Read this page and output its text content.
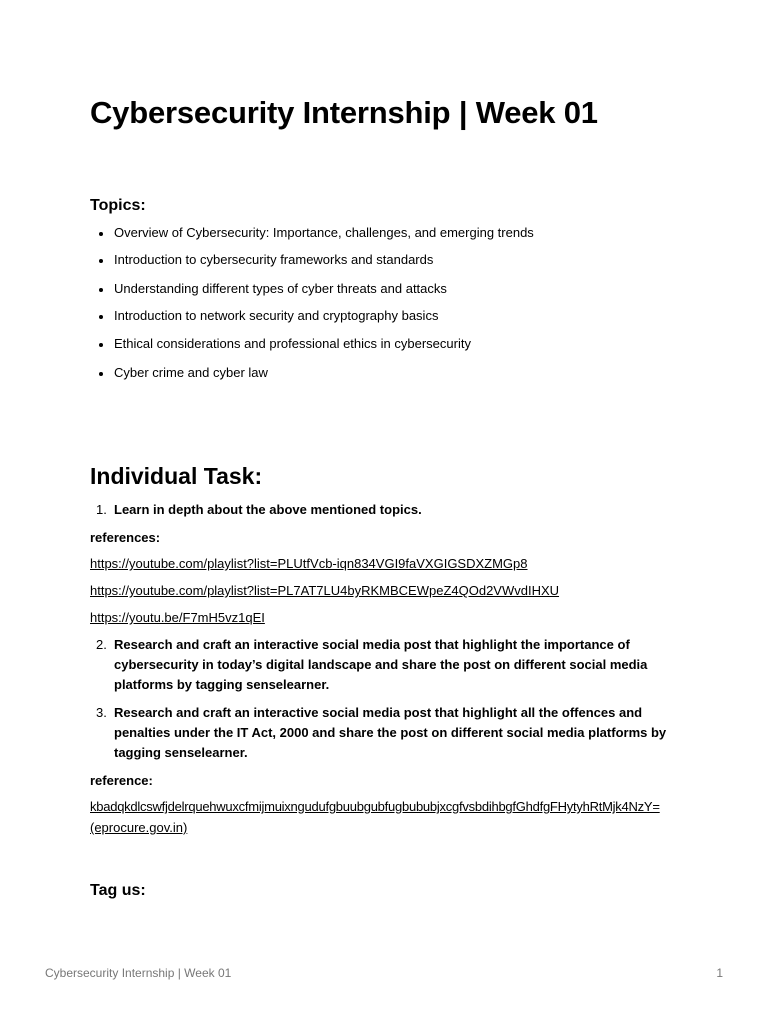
Cybersecurity Internship | Week 01
Topics:
Overview of Cybersecurity: Importance, challenges, and emerging trends
Introduction to cybersecurity frameworks and standards
Understanding different types of cyber threats and attacks
Introduction to network security and cryptography basics
Ethical considerations and professional ethics in cybersecurity
Cyber crime and cyber law
Individual Task:
1. Learn in depth about the above mentioned topics.

references:

https://youtube.com/playlist?list=PLUtfVcb-iqn834VGI9faVXGIGSDXZMGp8
https://youtube.com/playlist?list=PL7AT7LU4byRKMBCEWpeZ4QOd2VWvdIHXU
https://youtu.be/F7mH5vz1qEI
2. Research and craft an interactive social media post that highlight the importance of cybersecurity in today’s digital landscape and share the post on different social media platforms by tagging senselearner.
3. Research and craft an interactive social media post that highlight all the offences and penalties under the IT Act, 2000 and share the post on different social media platforms by tagging senselearner.

reference:

kbadqkdlcswfjdelrquehwuxcfmijmuixngudufgbuubgubfugbububjxcgfvsbdihbgfGhdfgFHytyhRtMjk4NzY=
(eprocure.gov.in)
Tag us:
Cybersecurity Internship | Week 01	1
